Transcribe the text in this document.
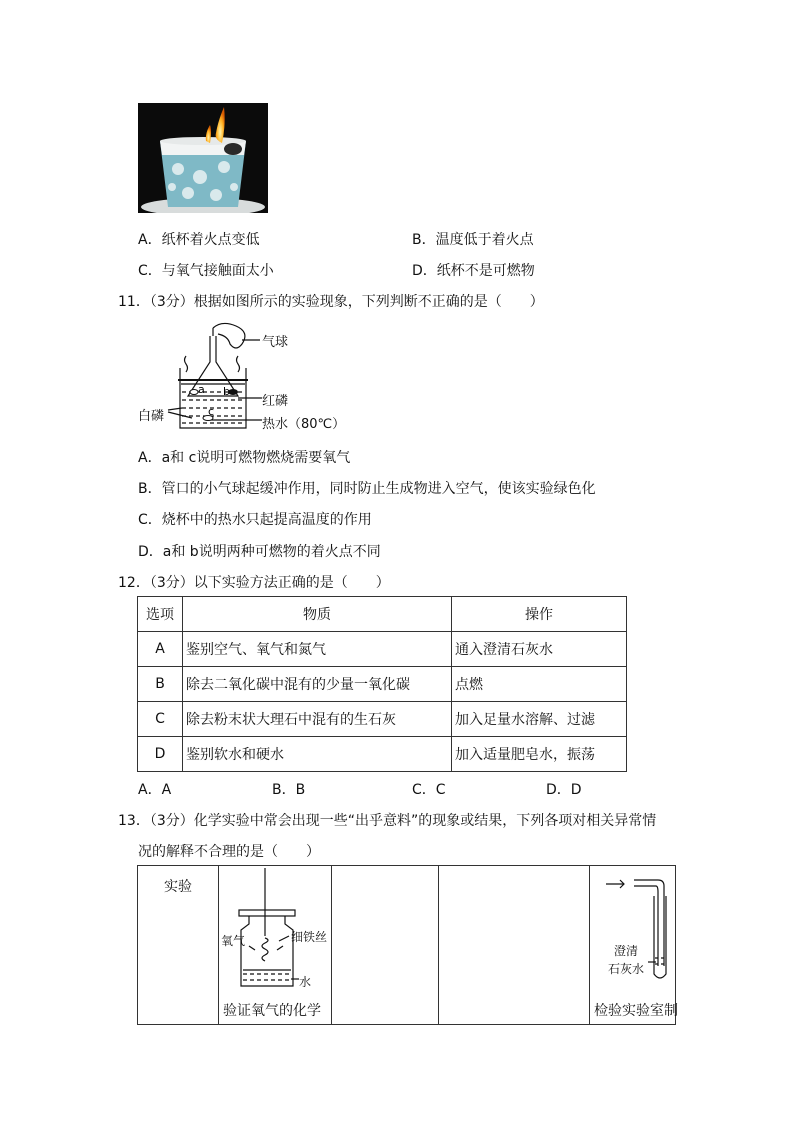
A．纸杯着火点变低	B．温度低于着火点
C．与氧气接触面太小	D．纸杯不是可燃物
11．（3分）根据如图所示的实验现象，下列判断不正确的是（　　）
a b
c
气球
红磷
白磷
热水（80℃）
A．a和 c说明可燃物燃烧需要氧气
B．管口的小气球起缓冲作用，同时防止生成物进入空气，使该实验绿色化
C．烧杯中的热水只起提高温度的作用
D．a和 b说明两种可燃物的着火点不同
12．（3分）以下实验方法正确的是（　　）
选项	物质	操作
A	鉴别空气、氧气和氮气	通入澄清石灰水
B	除去二氧化碳中混有的少量一氧化碳	点燃
C	除去粉末状大理石中混有的生石灰	加入足量水溶解、过滤
D	鉴别软水和硬水	加入适量肥皂水，振荡
A．A	B．B	C．C	D．D
13．（3分）化学实验中常会出现一些“出乎意料”的现象或结果，下列各项对相关异常情
况的解释不合理的是（　　）
实验	
氧气	细铁丝
水
验证氧气的化学

澄清
石灰水
检验实验室制
